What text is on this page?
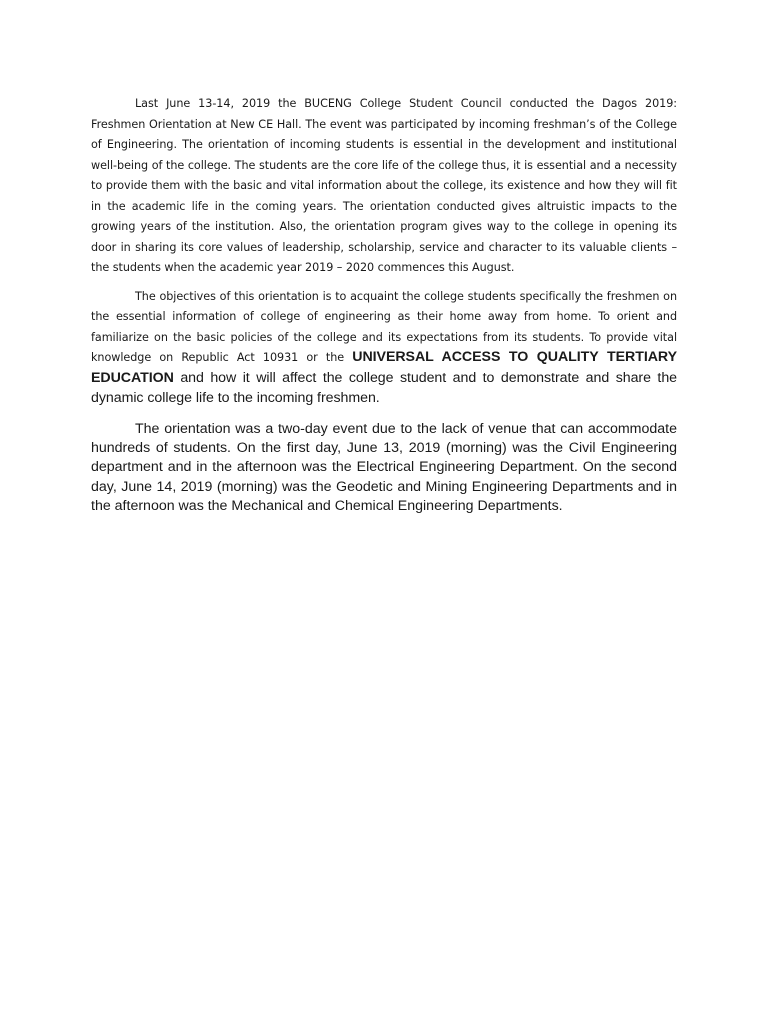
Last June 13-14, 2019 the BUCENG College Student Council conducted the Dagos 2019: Freshmen Orientation at New CE Hall. The event was participated by incoming freshman’s of the College of Engineering. The orientation of incoming students is essential in the development and institutional well-being of the college. The students are the core life of the college thus, it is essential and a necessity to provide them with the basic and vital information about the college, its existence and how they will fit in the academic life in the coming years. The orientation conducted gives altruistic impacts to the growing years of the institution. Also, the orientation program gives way to the college in opening its door in sharing its core values of leadership, scholarship, service and character to its valuable clients – the students when the academic year 2019 – 2020 commences this August.

The objectives of this orientation is to acquaint the college students specifically the freshmen on the essential information of college of engineering as their home away from home. To orient and familiarize on the basic policies of the college and its expectations from its students. To provide vital knowledge on Republic Act 10931 or the UNIVERSAL ACCESS TO QUALITY TERTIARY EDUCATION and how it will affect the college student and to demonstrate and share the dynamic college life to the incoming freshmen.

The orientation was a two-day event due to the lack of venue that can accommodate hundreds of students. On the first day, June 13, 2019 (morning) was the Civil Engineering department and in the afternoon was the Electrical Engineering Department. On the second day, June 14, 2019 (morning) was the Geodetic and Mining Engineering Departments and in the afternoon was the Mechanical and Chemical Engineering Departments.
